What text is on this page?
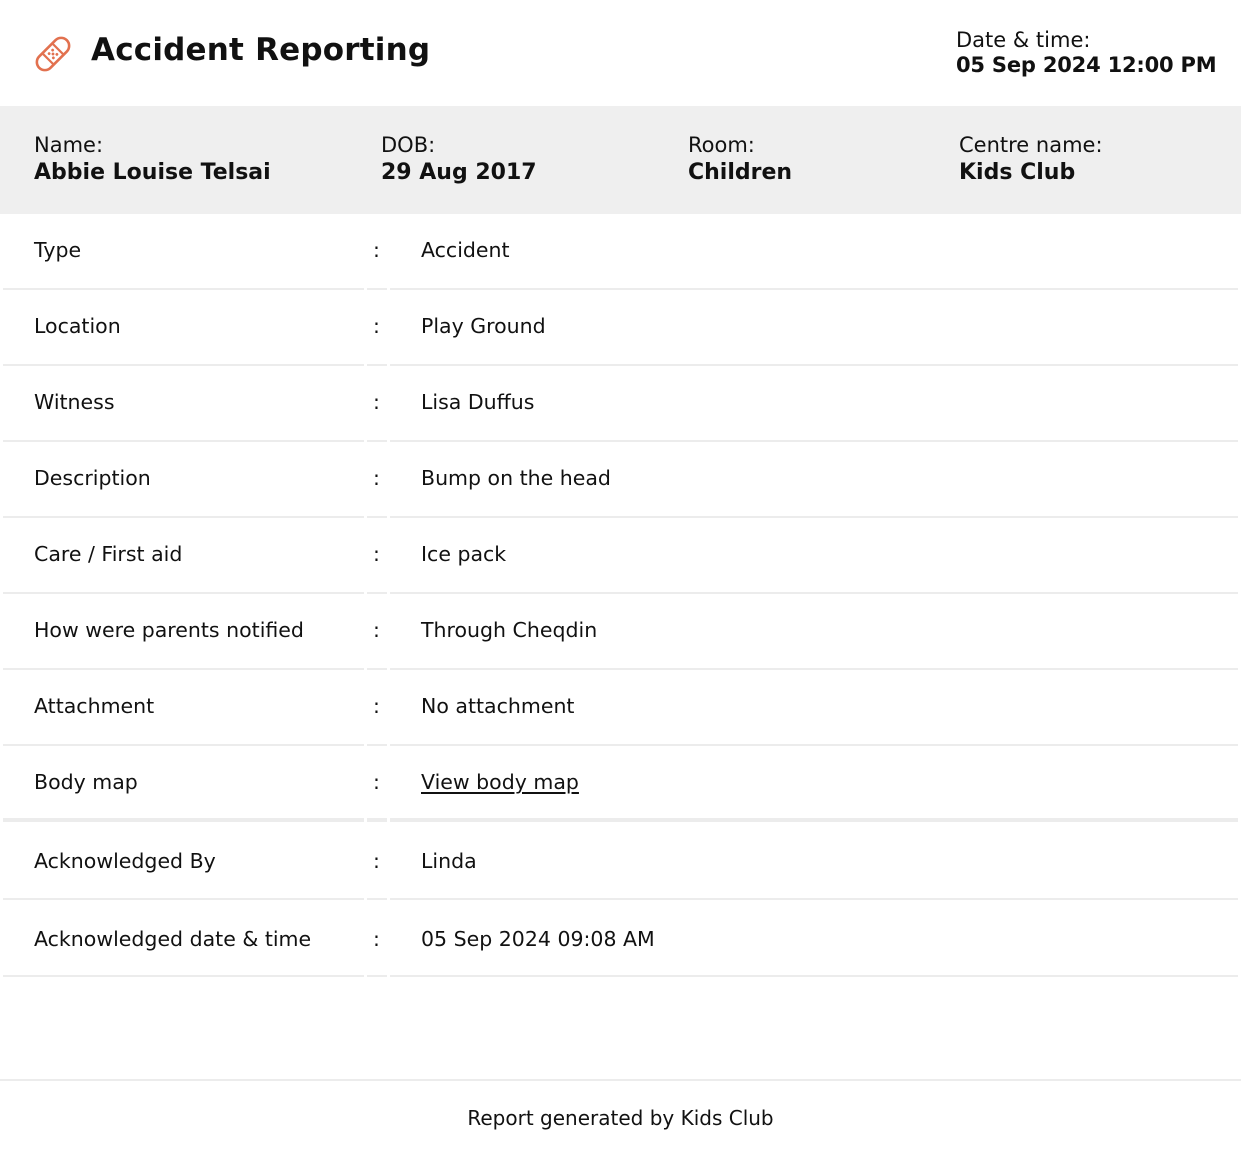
Accident Reporting	Date & time:
05 Sep 2024 12:00 PM
Name:
Abbie Louise Telsai
DOB:
29 Aug 2017
Room:
Children
Centre name:
Kids Club
Type	: Accident
Location	: Play Ground
Witness	: Lisa Duffus
Description	: Bump on the head
Care / First aid	: Ice pack
How were parents notified	: Through Cheqdin
Attachment	: No attachment
Body map	: View body map
Acknowledged By	: Linda
Acknowledged date & time	: 05 Sep 2024 09:08 AM
Report generated by Kids Club
